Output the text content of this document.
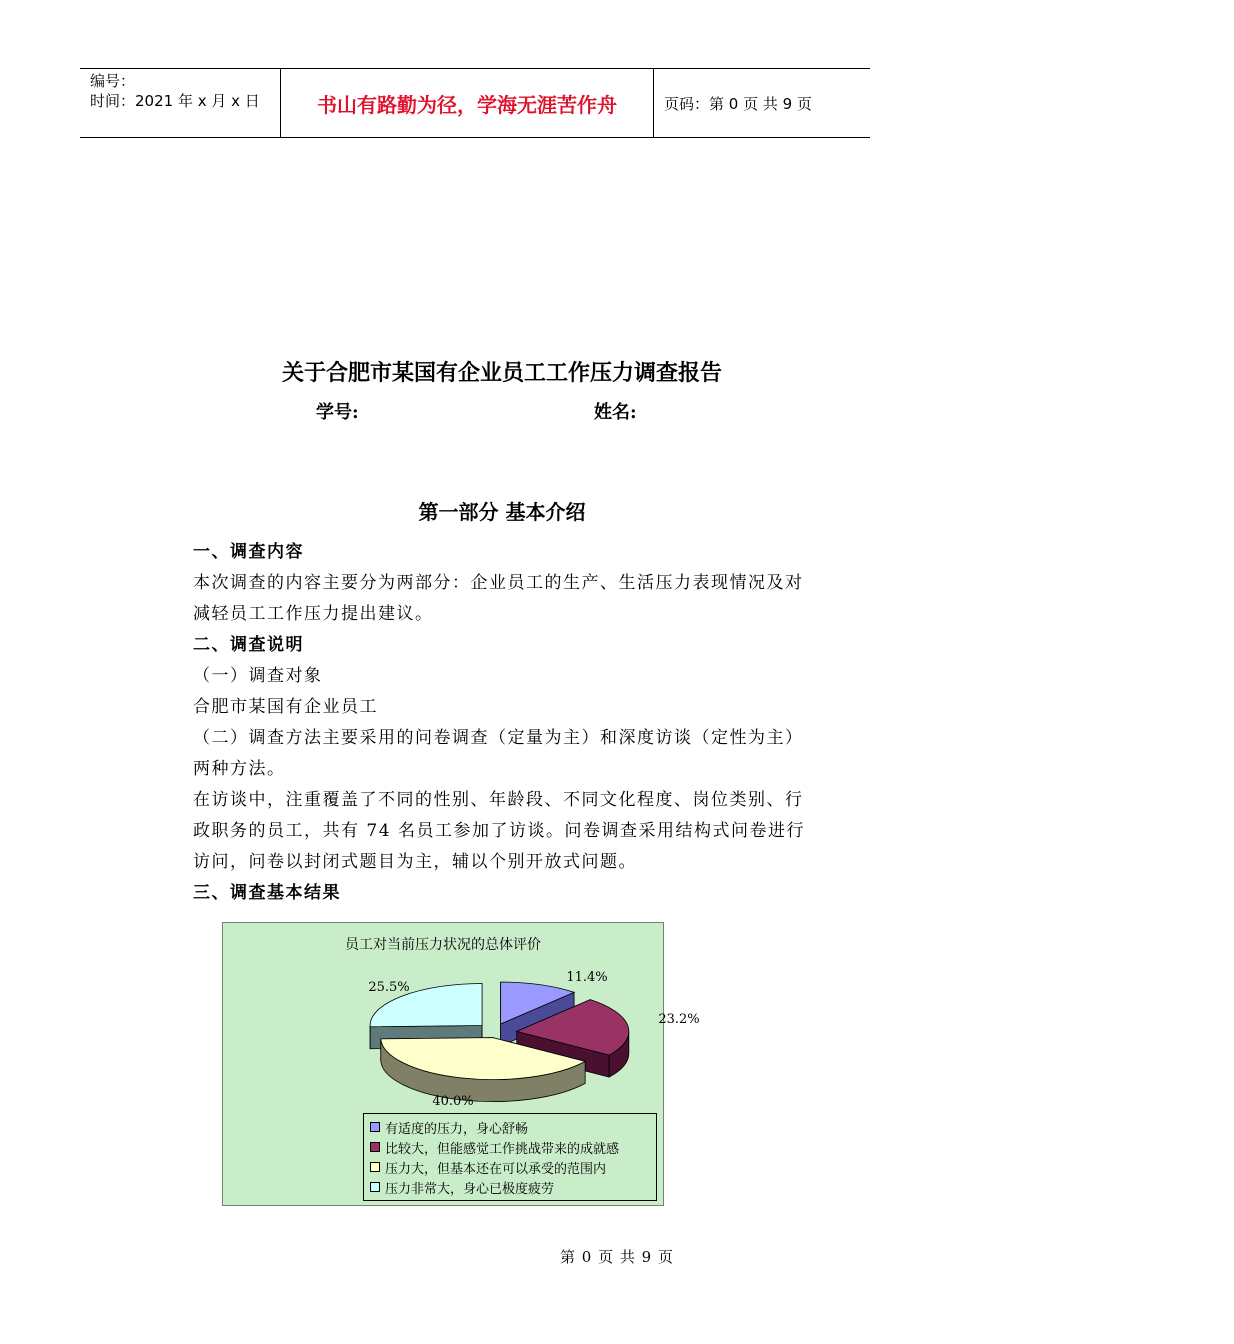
编号：
时间：2021 年 x 月 x 日	书山有路勤为径，学海无涯苦作舟	页码：第 0 页 共 9 页
关于合肥市某国有企业员工工作压力调查报告
学号:	姓名:
第一部分 基本介绍

一、调查内容

本次调查的内容主要分为两部分：企业员工的生产、生活压力表现情况及对减轻员工工作压力提出建议。

二、调查说明

（一）调查对象

合肥市某国有企业员工

（二）调查方法主要采用的问卷调查（定量为主）和深度访谈（定性为主）两种方法。

在访谈中，注重覆盖了不同的性别、年龄段、不同文化程度、岗位类别、行政职务的员工，共有 74 名员工参加了访谈。问卷调查采用结构式问卷进行访问，问卷以封闭式题目为主，辅以个别开放式问题。

三、调查基本结果

员工对当前压力状况的总体评价
11.4%
23.2%
40.0%
25.5%
有适度的压力，身心舒畅
比较大，但能感觉工作挑战带来的成就感
压力大，但基本还在可以承受的范围内
压力非常大，身心已极度疲劳
第 0 页 共 9 页
